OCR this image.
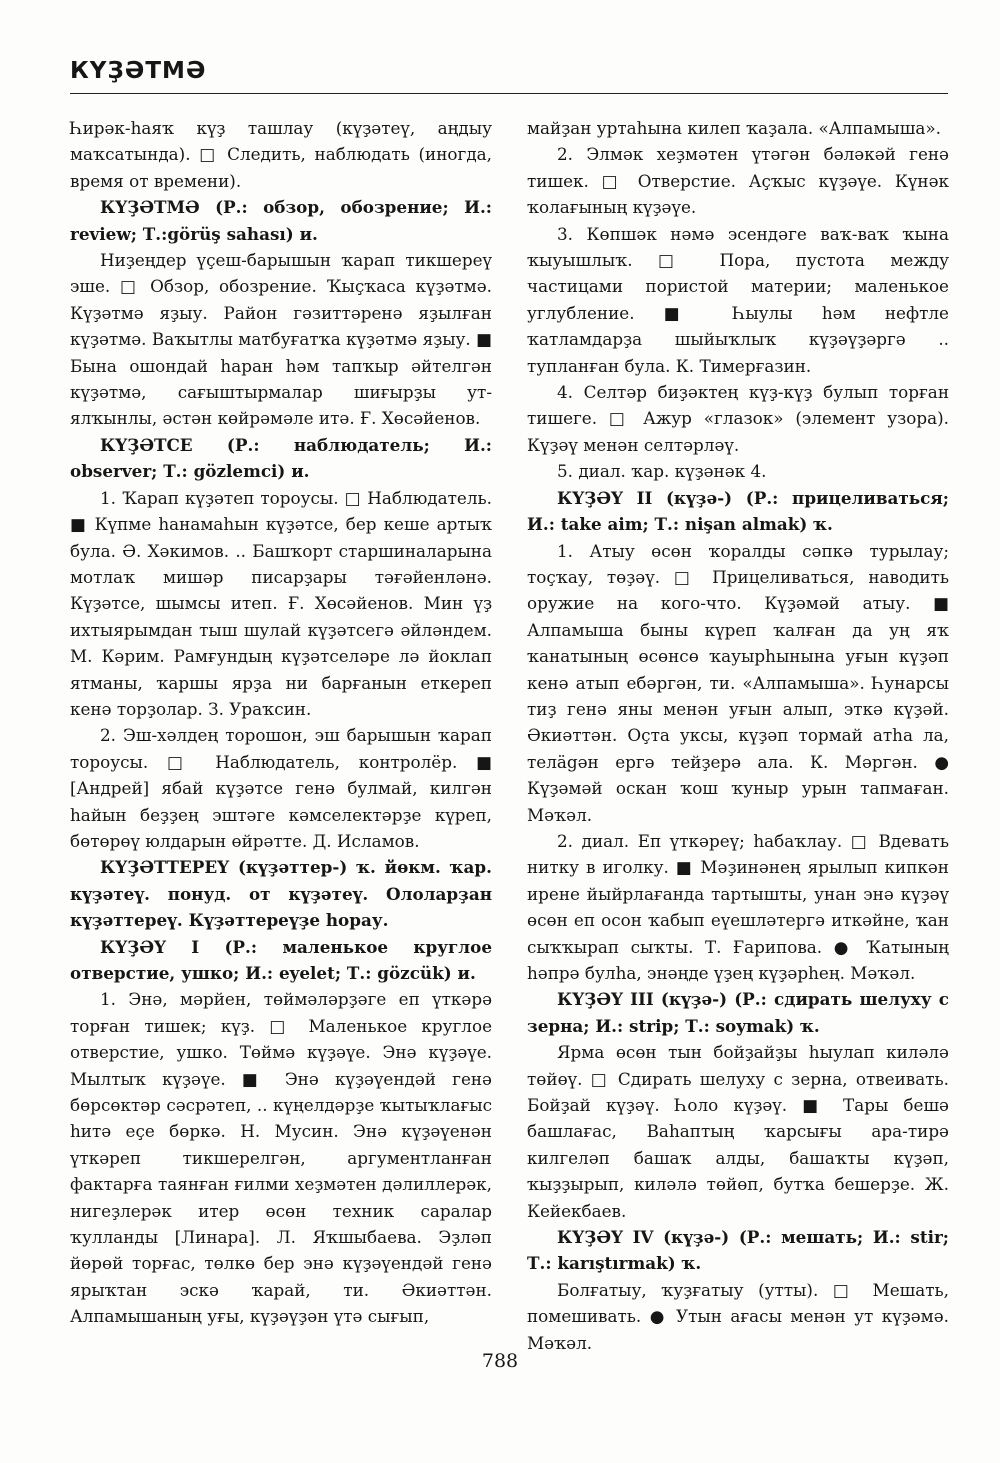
КҮҘӘТМӘ

Һирәк-һаяҡ күҙ ташлау (күҙәтеү, аңдыу маҡсатында). □ Следить, наблюдать (иногда, время от времени).

КҮҘӘТМӘ (Р.: обзор, обозрение; И.: review; Т.:görüş sahası) и.

Ниҙеңдер үҫеш-барышын ҡарап тикшереү эше. □ Обзор, обозрение. Ҡыҫҡаса күҙәтмә. Күҙәтмә яҙыу. Район гәзиттәренә яҙылған күҙәтмә. Ваҡытлы матбуғатҡа күҙәтмә яҙыу. ■ Бына ошондай һаран һәм тапҡыр әйтелгән күҙәтмә, сағыштырмалар шиғырҙы ут-ялҡынлы, әстән көйрәмәле итә. Ғ. Хөсәйенов.

КҮҘӘТСЕ (Р.: наблюдатель; И.: observer; Т.: gözlemci) и.

1. Ҡарап күҙәтеп тороусы. □ Наблюдатель. ■ Күпме һанамаһын күҙәтсе, бер кеше артыҡ була. Ә. Хәкимов. .. Башҡорт старшиналарына мотлаҡ мишәр писарҙары тәғәйенләнә. Күҙәтсе, шымсы итеп. Ғ. Хөсәйенов. Мин үҙ ихтыярымдан тыш шулай күҙәтсегә әйләндем. М. Кәрим. Рамғундың күҙәтселәре лә йоклап ятманы, ҡаршы ярҙа ни барғанын еткереп кенә торҙолар. З. Ураҡсин.

2. Эш-хәлдең торошон, эш барышын ҡарап тороусы. □ Наблюдатель, контролёр. ■ [Андрей] ябай күҙәтсе генә булмай, килгән һайын беҙҙең эштәге кәмселектәрҙе күреп, бөтөрөү юлдарын өйрәтте. Д. Исламов.

КҮҘӘТТЕРЕҮ (күҙәттер-) ҡ. йөкм. ҡар. күҙәтеү. понуд. от күҙәтеү. Ололарҙан күҙәттереү. Күҙәттереүҙе һорау.

КҮҘӘҮ I (Р.: маленькое круглое отверстие, ушко; И.: eyelet; Т.: gözcük) и.

1. Энә, мәрйен, төймәләрҙәге еп үткәрә торған тишек; күҙ. □ Маленькое круглое отверстие, ушко. Төймә күҙәүе. Энә күҙәүе. Мылтыҡ күҙәүе. ■ Энә күҙәүендәй генә бөрсөктәр сәсрәтеп, .. күңелдәрҙе ҡытыҡлағыс һитә еҫе бөркә. Н. Мусин. Энә күҙәүенән үткәреп тикшерелгән, аргументланған фактарға таянған ғилми хеҙмәтен дәлиллерәк, нигеҙлерәк итер өсөн техник саралар ҡулланды [Линара]. Л. Яҡшыбаева. Эҙләп йөрөй торғас, төлкө бер энә күҙәүендәй генә ярыҡтан эскә ҡарай, ти. Әкиәттән. Алпамышаның уғы, күҙәүҙән үтә сығып,

майҙан уртаһына килеп ҡаҙала. «Алпамыша».

2. Элмәк хеҙмәтен үтәгән бәләкәй генә тишек. □ Отверстие. Аҫҡыс күҙәүе. Күнәк ҡолағының күҙәүе.

3. Көпшәк нәмә эсендәге ваҡ-ваҡ ҡына ҡыуышлыҡ. □ Пора, пустота между частицами пористой материи; маленькое углубление. ■ Һыулы һәм нефтле ҡатламдарҙа шыйыҡлыҡ күҙәүҙәргә .. тупланған була. К. Тимерғазин.

4. Селтәр биҙәктең күҙ-күҙ булып торған тишеге. □ Ажур «глазок» (элемент узора). Күҙәү менән селтәрләү.

5. диал. ҡар. күҙәнәк 4.

КҮҘӘҮ II (күҙә-) (Р.: прицеливаться; И.: take aim; Т.: nişan almak) ҡ.

1. Атыу өсөн ҡоралды сәпкә турылау; тоҫҡау, төҙәү. □ Прицеливаться, наводить оружие на кого-что. Күҙәмәй атыу. ■ Алпамыша быны күреп ҡалған да уң яҡ ҡанатының өсөнсө ҡауырһынына уғын күҙәп кенә атып ебәргән, ти. «Алпамыша». Һунарсы тиҙ генә яны менән уғын алып, эткә күҙәй. Әкиәттән. Оҫта уксы, күҙәп тормай атһа ла, телägән ергә тейҙерә ала. К. Мәргән. ● Күҙәмәй оскан ҡош ҡуныр урын тапмаған. Мәҡәл.

2. диал. Еп үткәреү; һабаҡлау. □ Вдевать нитку в иголку. ■ Мәҙинәнең ярылып кипкән ирене йыйрлағанда тартышты, унан энә күҙәү өсөн еп осон ҡабып еүешләтергә иткәйне, ҡан сыҡҡырап сыҡты. Т. Ғарипова. ● Ҡатының һәпрә булһа, энәңде үҙең күҙәрһең. Мәҡәл.

КҮҘӘҮ III (күҙә-) (Р.: сдирать шелуху с зерна; И.: strip; Т.: soymak) ҡ.

Ярма өсөн тын бойҙайҙы һыулап киләлә төйөү. □ Сдирать шелуху с зерна, отвеивать. Бойҙай күҙәү. Һоло күҙәү. ■ Тары бешә башлағас, Ваһаптың ҡарсығы ара-тирә килгеләп башаҡ алды, башаҡты күҙәп, ҡыҙҙырып, киләлә төйөп, бутҡа бешерҙе. Ж. Кейекбаев.

КҮҘӘҮ IV (күҙә-) (Р.: мешать; И.: stir; Т.: karıştırmak) ҡ.

Болғатыу, ҡуҙғатыу (утты). □ Мешать, помешивать. ● Утын ағасы менән ут күҙәмә. Мәҡәл.

788
